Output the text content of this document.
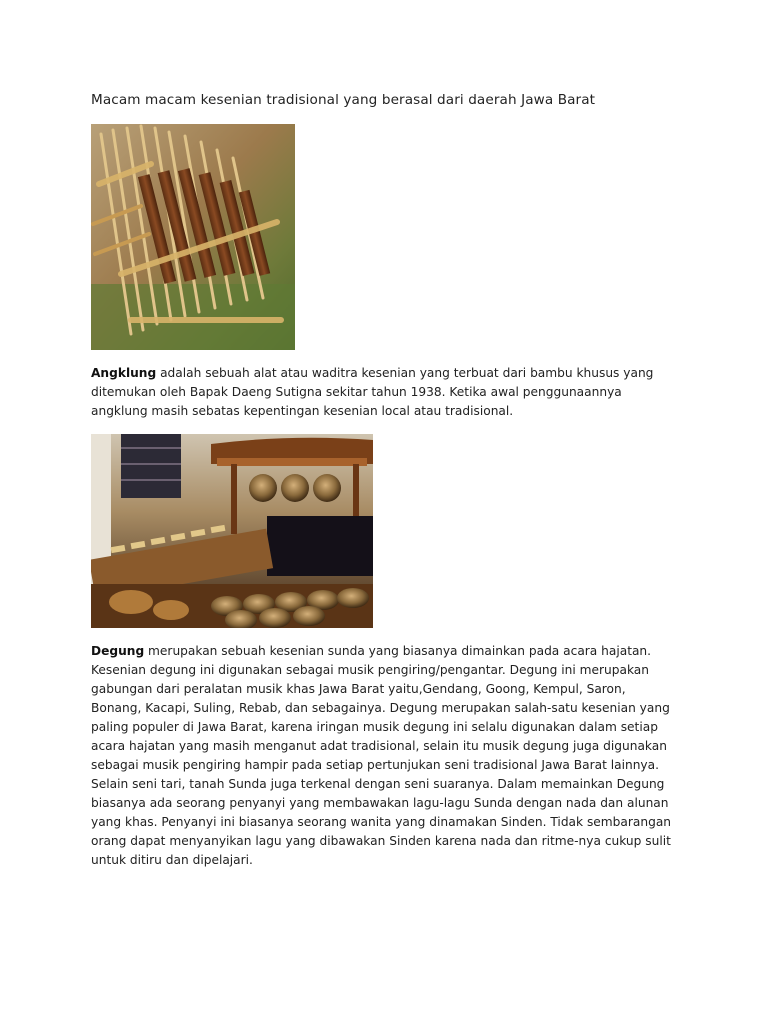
Macam macam kesenian tradisional yang berasal dari daerah Jawa Barat

Angklung adalah sebuah alat atau waditra kesenian yang terbuat dari bambu khusus yang
ditemukan oleh Bapak Daeng Sutigna sekitar tahun 1938. Ketika awal penggunaannya
angklung masih sebatas kepentingan kesenian local atau tradisional.

Degung merupakan sebuah kesenian sunda yang biasanya dimainkan pada acara hajatan.
Kesenian degung ini digunakan sebagai musik pengiring/pengantar. Degung ini merupakan
gabungan dari peralatan musik khas Jawa Barat yaitu,Gendang, Goong, Kempul, Saron,
Bonang, Kacapi, Suling, Rebab, dan sebagainya. Degung merupakan salah-satu kesenian yang
paling populer di Jawa Barat, karena iringan musik degung ini selalu digunakan dalam setiap
acara hajatan yang masih menganut adat tradisional, selain itu musik degung juga digunakan
sebagai musik pengiring hampir pada setiap pertunjukan seni tradisional Jawa Barat lainnya.
Selain seni tari, tanah Sunda juga terkenal dengan seni suaranya. Dalam memainkan Degung
biasanya ada seorang penyanyi yang membawakan lagu-lagu Sunda dengan nada dan alunan
yang khas. Penyanyi ini biasanya seorang wanita yang dinamakan Sinden. Tidak sembarangan
orang dapat menyanyikan lagu yang dibawakan Sinden karena nada dan ritme-nya cukup sulit
untuk ditiru dan dipelajari.
